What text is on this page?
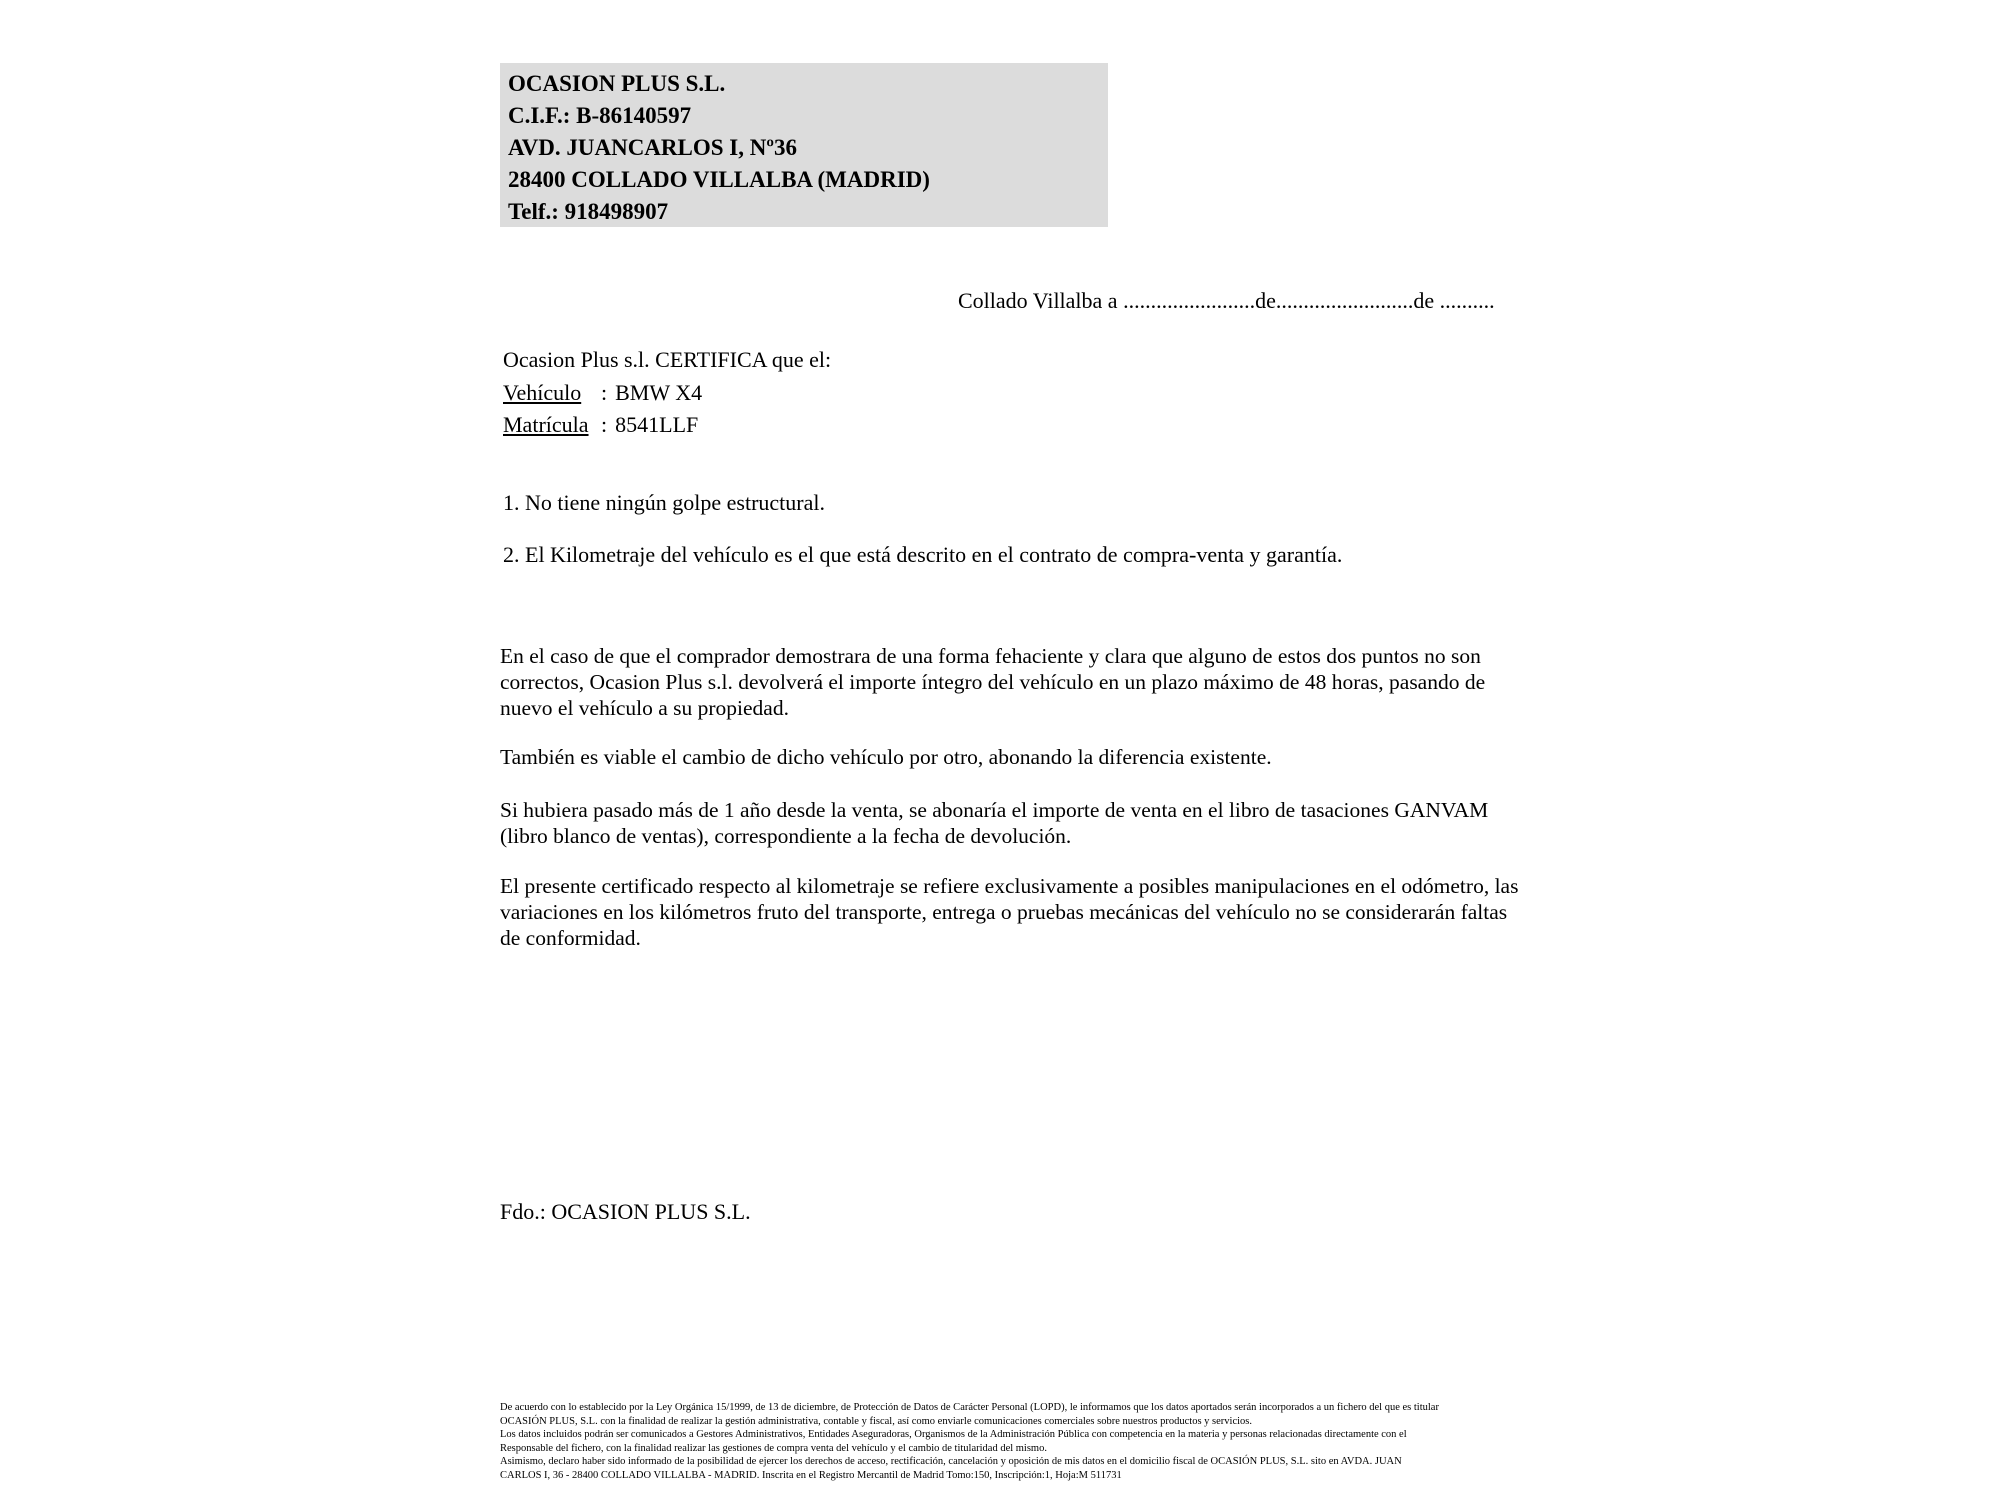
OCASION PLUS S.L.
C.I.F.: B-86140597
AVD. JUANCARLOS I, Nº36
28400 COLLADO VILLALBA (MADRID)
Telf.: 918498907
Collado Villalba a ........................de.........................de ..........
Ocasion Plus s.l. CERTIFICA que el:
Vehículo : BMW X4
Matrícula : 8541LLF
1. No tiene ningún golpe estructural.
2. El Kilometraje del vehículo es el que está descrito en el contrato de compra-venta y garantía.
En el caso de que el comprador demostrara de una forma fehaciente y clara que alguno de estos dos puntos no son correctos, Ocasion Plus s.l. devolverá el importe íntegro del vehículo en un plazo máximo de 48 horas, pasando de nuevo el vehículo a su propiedad.
También es viable el cambio de dicho vehículo por otro, abonando la diferencia existente.
Si hubiera pasado más de 1 año desde la venta, se abonaría el importe de venta en el libro de tasaciones GANVAM (libro blanco de ventas), correspondiente a la fecha de devolución.
El presente certificado respecto al kilometraje se refiere exclusivamente a posibles manipulaciones en el odómetro, las variaciones en los kilómetros fruto del transporte, entrega o pruebas mecánicas del vehículo no se considerarán faltas de conformidad.
Fdo.: OCASION PLUS S.L.
De acuerdo con lo establecido por la Ley Orgánica 15/1999, de 13 de diciembre, de Protección de Datos de Carácter Personal (LOPD), le informamos que los datos aportados serán incorporados a un fichero del que es titular
OCASIÓN PLUS, S.L. con la finalidad de realizar la gestión administrativa, contable y fiscal, así como enviarle comunicaciones comerciales sobre nuestros productos y servicios.
Los datos incluidos podrán ser comunicados a Gestores Administrativos, Entidades Aseguradoras, Organismos de la Administración Pública con competencia en la materia y personas relacionadas directamente con el
Responsable del fichero, con la finalidad realizar las gestiones de compra venta del vehículo y el cambio de titularidad del mismo.
Asimismo, declaro haber sido informado de la posibilidad de ejercer los derechos de acceso, rectificación, cancelación y oposición de mis datos en el domicilio fiscal de OCASIÓN PLUS, S.L. sito en AVDA. JUAN
CARLOS I, 36 - 28400 COLLADO VILLALBA - MADRID. Inscrita en el Registro Mercantil de Madrid Tomo:150, Inscripción:1, Hoja:M 511731
